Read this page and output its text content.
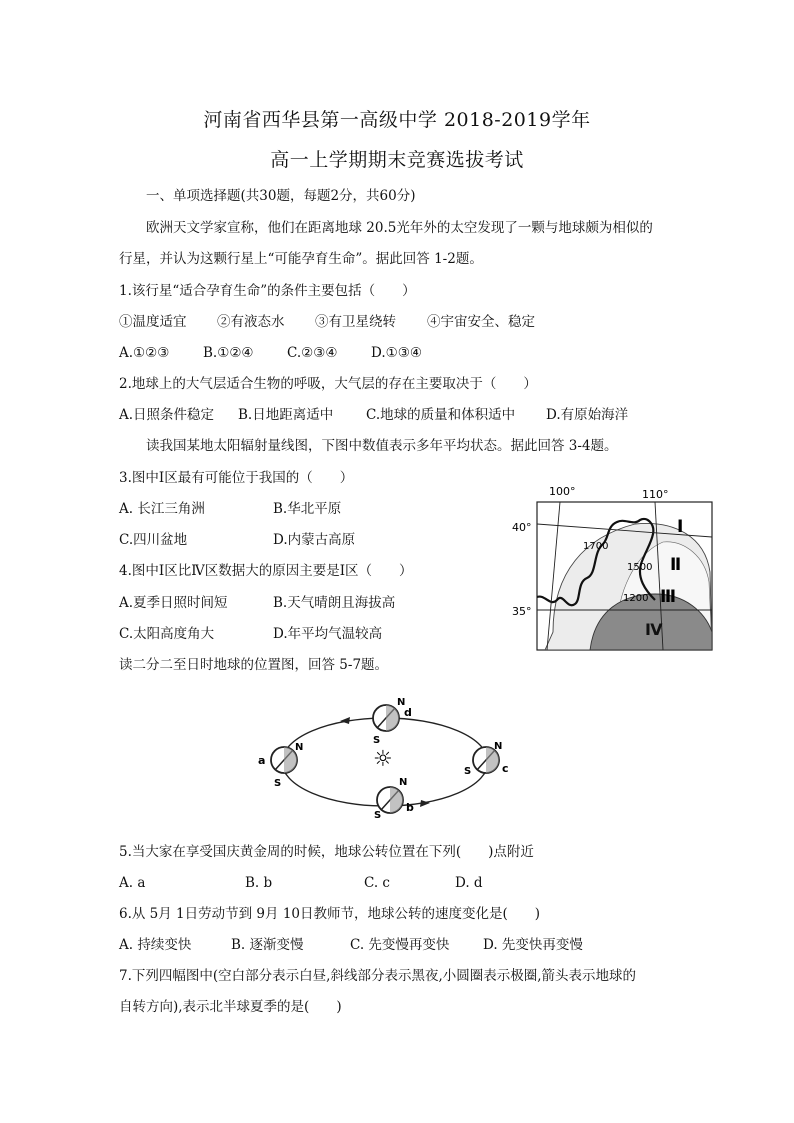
河南省西华县第一高级中学 2018-2019学年
高一上学期期末竞赛选拔考试
一、单项选择题(共30题，每题2分，共60分)
欧洲天文学家宣称，他们在距离地球 20.5光年外的太空发现了一颗与地球颇为相似的
行星，并认为这颗行星上“可能孕育生命”。据此回答 1-2题。
1.该行星“适合孕育生命”的条件主要包括（　　）
①温度适宜 ②有液态水 ③有卫星绕转 ④宇宙安全、稳定
A.①②③ B.①②④ C.②③④ D.①③④
2.地球上的大气层适合生物的呼吸，大气层的存在主要取决于（　　）
A.日照条件稳定 B.日地距离适中 C.地球的质量和体积适中 D.有原始海洋
读我国某地太阳辐射量线图，下图中数值表示多年平均状态。据此回答 3-4题。
3.图中Ⅰ区最有可能位于我国的（　　）
A. 长江三角洲	B.华北平原
C.四川盆地	D.内蒙古高原
4.图中Ⅰ区比Ⅳ区数据大的原因主要是Ⅰ区（　　）
A.夏季日照时间短	B.天气晴朗且海拔高
C.太阳高度角大	D.年平均气温较高
100°	110°
40°
35°
1700
1500
1200
Ⅰ
Ⅱ
Ⅲ
Ⅳ
读二分二至日时地球的位置图，回答 5-7题。
☼
N
S
d
N
S
a
N
S
b
N
S	c
5.当大家在享受国庆黄金周的时候，地球公转位置在下列(　　)点附近
A. a	B. b	C. c	D. d
6.从 5月 1日劳动节到 9月 10日教师节，地球公转的速度变化是(　　)
A. 持续变快	B. 逐渐变慢	C. 先变慢再变快 D. 先变快再变慢
7.下列四幅图中(空白部分表示白昼,斜线部分表示黑夜,小圆圈表示极圈,箭头表示地球的
自转方向),表示北半球夏季的是(　　)
